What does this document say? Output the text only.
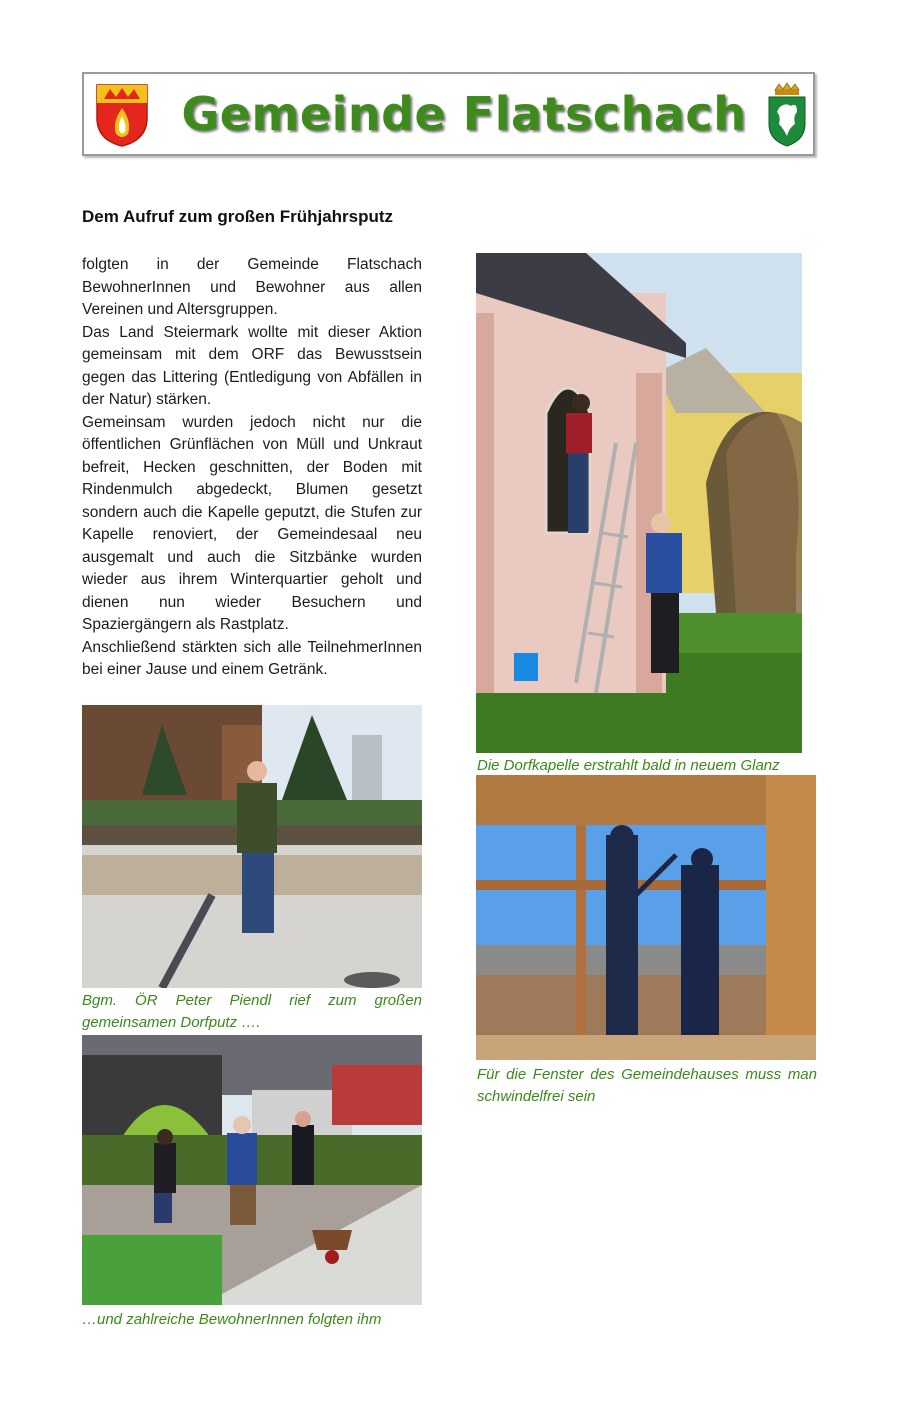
Gemeinde Flatschach
Dem Aufruf zum großen Frühjahrsputz

folgten in der Gemeinde Flatschach BewohnerInnen und Bewohner aus allen Vereinen und Altersgruppen.

Das Land Steiermark wollte mit dieser Aktion gemeinsam mit dem ORF das Bewusstsein gegen das Littering (Entledigung von Abfällen in der Natur) stärken.

Gemeinsam wurden jedoch nicht nur die öffentlichen Grünflächen von Müll und Unkraut befreit, Hecken geschnitten, der Boden mit Rindenmulch abgedeckt, Blumen gesetzt sondern auch die Kapelle geputzt, die Stufen zur Kapelle renoviert, der Gemeindesaal neu ausgemalt und auch die Sitzbänke wurden wieder aus ihrem Winterquartier geholt und dienen nun wieder Besuchern und Spaziergängern als Rastplatz.

Anschließend stärkten sich alle TeilnehmerInnen bei einer Jause und einem Getränk.

Die Dorfkapelle erstrahlt bald in neuem Glanz
Bgm. ÖR Peter Piendl rief zum großen gemeinsamen Dorfputz ….
Für die Fenster des Gemeindehauses muss man schwindelfrei sein
…und zahlreiche BewohnerInnen folgten ihm
